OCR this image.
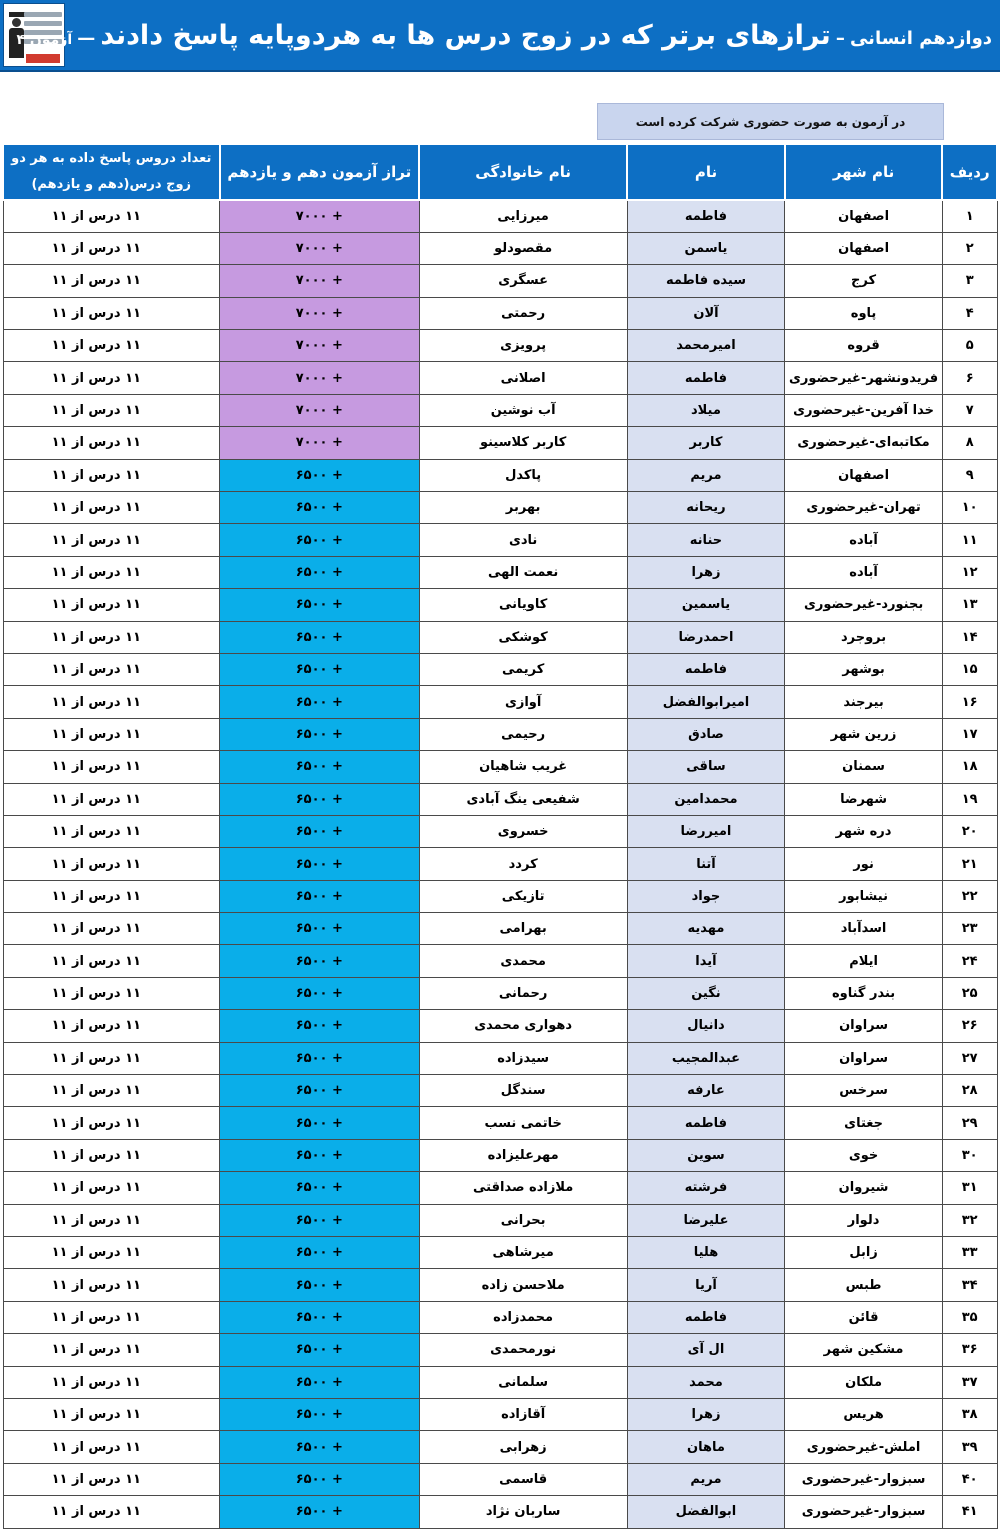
دوازدهم انسانی – ترازهای برتر که در زوج درس ها به هردوپایه پاسخ دادند — آزمون ۴
در آزمون به صورت حضوری شرکت کرده است
ردیف	نام شهر	نام	نام خانوادگی	تراز آزمون دهم و یازدهم	تعداد دروس پاسخ داده به هر دو زوج درس(دهم و یازدهم)
۱	اصفهان	فاطمه	میرزایی	+ ۷۰۰۰	۱۱ درس از ۱۱
۲	اصفهان	یاسمن	مقصودلو	+ ۷۰۰۰	۱۱ درس از ۱۱
۳	کرج	سیده فاطمه	عسگری	+ ۷۰۰۰	۱۱ درس از ۱۱
۴	پاوه	آلان	رحمتی	+ ۷۰۰۰	۱۱ درس از ۱۱
۵	قروه	امیرمحمد	پرویزی	+ ۷۰۰۰	۱۱ درس از ۱۱
۶	فریدونشهر-غیرحضوری	فاطمه	اصلانی	+ ۷۰۰۰	۱۱ درس از ۱۱
۷	خدا آفرین-غیرحضوری	میلاد	آب نوشین	+ ۷۰۰۰	۱۱ درس از ۱۱
۸	مکاتبه‌ای-غیرحضوری	کاربر	کاربر کلاسینو	+ ۷۰۰۰	۱۱ درس از ۱۱
۹	اصفهان	مریم	پاکدل	+ ۶۵۰۰	۱۱ درس از ۱۱
۱۰	تهران-غیرحضوری	ریحانه	بهربر	+ ۶۵۰۰	۱۱ درس از ۱۱
۱۱	آباده	حنانه	نادی	+ ۶۵۰۰	۱۱ درس از ۱۱
۱۲	آباده	زهرا	نعمت الهی	+ ۶۵۰۰	۱۱ درس از ۱۱
۱۳	بجنورد-غیرحضوری	یاسمین	کاویانی	+ ۶۵۰۰	۱۱ درس از ۱۱
۱۴	بروجرد	احمدرضا	کوشکی	+ ۶۵۰۰	۱۱ درس از ۱۱
۱۵	بوشهر	فاطمه	کریمی	+ ۶۵۰۰	۱۱ درس از ۱۱
۱۶	بیرجند	امیرابوالفضل	آوازی	+ ۶۵۰۰	۱۱ درس از ۱۱
۱۷	زرین شهر	صادق	رحیمی	+ ۶۵۰۰	۱۱ درس از ۱۱
۱۸	سمنان	ساقی	غریب شاهیان	+ ۶۵۰۰	۱۱ درس از ۱۱
۱۹	شهرضا	محمدامین	شفیعی ینگ آبادی	+ ۶۵۰۰	۱۱ درس از ۱۱
۲۰	دره شهر	امیررضا	خسروی	+ ۶۵۰۰	۱۱ درس از ۱۱
۲۱	نور	آتنا	کردد	+ ۶۵۰۰	۱۱ درس از ۱۱
۲۲	نیشابور	جواد	تازیکی	+ ۶۵۰۰	۱۱ درس از ۱۱
۲۳	اسدآباد	مهدیه	بهرامی	+ ۶۵۰۰	۱۱ درس از ۱۱
۲۴	ایلام	آیدا	محمدی	+ ۶۵۰۰	۱۱ درس از ۱۱
۲۵	بندر گناوه	نگین	رحمانی	+ ۶۵۰۰	۱۱ درس از ۱۱
۲۶	سراوان	دانیال	دهواری محمدی	+ ۶۵۰۰	۱۱ درس از ۱۱
۲۷	سراوان	عبدالمجیب	سیدزاده	+ ۶۵۰۰	۱۱ درس از ۱۱
۲۸	سرخس	عارفه	سندگل	+ ۶۵۰۰	۱۱ درس از ۱۱
۲۹	جغتای	فاطمه	خاتمی نسب	+ ۶۵۰۰	۱۱ درس از ۱۱
۳۰	خوی	سوین	مهرعلیزاده	+ ۶۵۰۰	۱۱ درس از ۱۱
۳۱	شیروان	فرشته	ملازاده صداقتی	+ ۶۵۰۰	۱۱ درس از ۱۱
۳۲	دلوار	علیرضا	بحرانی	+ ۶۵۰۰	۱۱ درس از ۱۱
۳۳	زابل	هلیا	میرشاهی	+ ۶۵۰۰	۱۱ درس از ۱۱
۳۴	طبس	آریا	ملاحسن زاده	+ ۶۵۰۰	۱۱ درس از ۱۱
۳۵	قائن	فاطمه	محمدزاده	+ ۶۵۰۰	۱۱ درس از ۱۱
۳۶	مشکین شهر	ال آی	نورمحمدی	+ ۶۵۰۰	۱۱ درس از ۱۱
۳۷	ملکان	محمد	سلمانی	+ ۶۵۰۰	۱۱ درس از ۱۱
۳۸	هریس	زهرا	آقازاده	+ ۶۵۰۰	۱۱ درس از ۱۱
۳۹	املش-غیرحضوری	ماهان	زهرابی	+ ۶۵۰۰	۱۱ درس از ۱۱
۴۰	سبزوار-غیرحضوری	مریم	قاسمی	+ ۶۵۰۰	۱۱ درس از ۱۱
۴۱	سبزوار-غیرحضوری	ابوالفضل	ساربان نژاد	+ ۶۵۰۰	۱۱ درس از ۱۱
